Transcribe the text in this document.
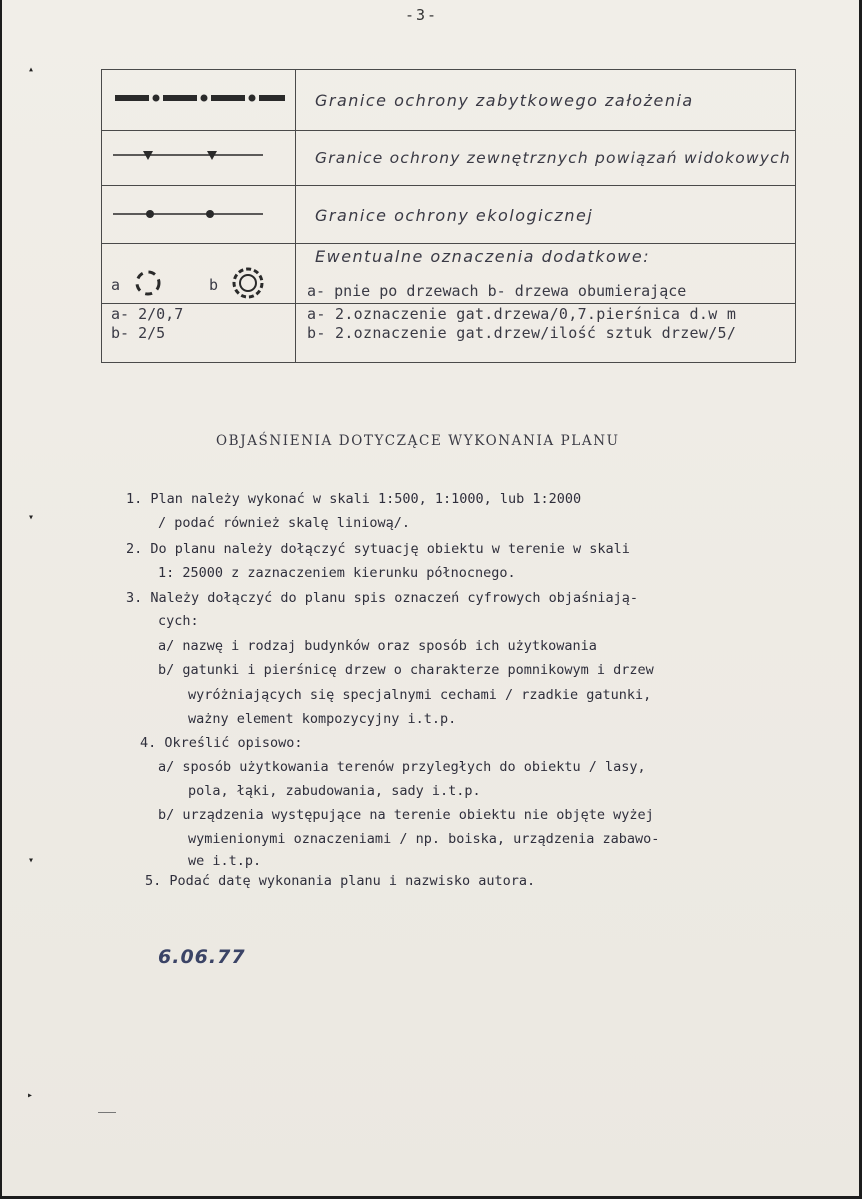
-3-
Granice ochrony zabytkowego założenia
Granice ochrony zewnętrznych powiązań widokowych
Granice ochrony ekologicznej
Ewentualne oznaczenia dodatkowe:
a	b	a- pnie po drzewach b- drzewa obumierające
a- 2/0,7
b- 2/5
a- 2.oznaczenie gat.drzewa/0,7.pierśnica d.w m
b- 2.oznaczenie gat.drzew/ilość sztuk drzew/5/
OBJAŚNIENIA DOTYCZĄCE WYKONANIA PLANU
1. Plan należy wykonać w skali 1:500, 1:1000, lub 1:2000
/ podać również skalę liniową/.
2. Do planu należy dołączyć sytuację obiektu w terenie w skali
1: 25000 z zaznaczeniem kierunku północnego.
3. Należy dołączyć do planu spis oznaczeń cyfrowych objaśniają-
cych:
a/ nazwę i rodzaj budynków oraz sposób ich użytkowania
b/ gatunki i pierśnicę drzew o charakterze pomnikowym i drzew
wyróżniających się specjalnymi cechami / rzadkie gatunki,
ważny element kompozycyjny i.t.p.
4. Określić opisowo:
a/ sposób użytkowania terenów przyległych do obiektu / lasy,
pola, łąki, zabudowania, sady i.t.p.
b/ urządzenia występujące na terenie obiektu nie objęte wyżej
wymienionymi oznaczeniami / np. boiska, urządzenia zabawo-
we i.t.p.
5. Podać datę wykonania planu i nazwisko autora.
6.06.77
▴
▾
▾
▸
